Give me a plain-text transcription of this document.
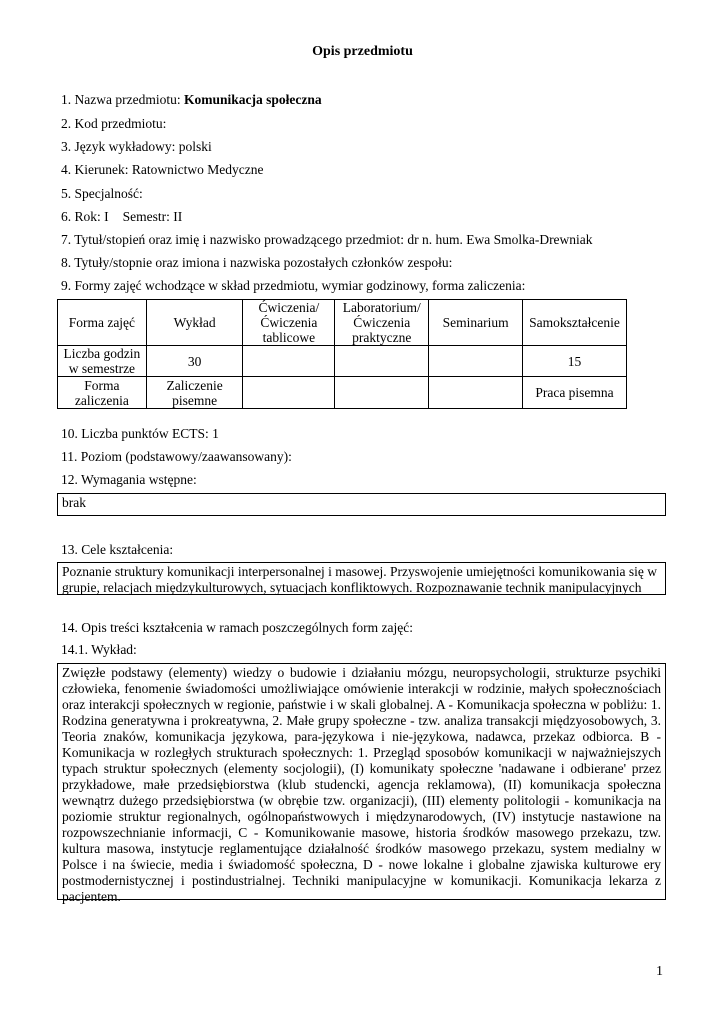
Opis przedmiotu
1. Nazwa przedmiotu: Komunikacja społeczna
2. Kod przedmiotu:
3. Język wykładowy: polski
4. Kierunek: Ratownictwo Medyczne
5. Specjalność:
6. Rok: I Semestr: II
7. Tytuł/stopień oraz imię i nazwisko prowadzącego przedmiot: dr n. hum. Ewa Smolka-Drewniak
8. Tytuły/stopnie oraz imiona i nazwiska pozostałych członków zespołu:
9. Formy zajęć wchodzące w skład przedmiotu, wymiar godzinowy, forma zaliczenia:
Forma zajęć	Wykład	Ćwiczenia/
Ćwiczenia
tablicowe	Laboratorium/
Ćwiczenia
praktyczne	Seminarium	Samokształcenie
Liczba godzin
w semestrze	30				15
Forma
zaliczenia	Zaliczenie
pisemne				Praca pisemna
10. Liczba punktów ECTS: 1
11. Poziom (podstawowy/zaawansowany):
12. Wymagania wstępne:
brak
13. Cele kształcenia:
Poznanie struktury komunikacji interpersonalnej i masowej. Przyswojenie umiejętności komunikowania się w grupie, relacjach międzykulturowych, sytuacjach konfliktowych. Rozpoznawanie technik manipulacyjnych
14. Opis treści kształcenia w ramach poszczególnych form zajęć:
14.1. Wykład:
Zwięzłe podstawy (elementy) wiedzy o budowie i działaniu mózgu, neuropsychologii, strukturze psychiki człowieka, fenomenie świadomości umożliwiające omówienie interakcji w rodzinie, małych społecznościach oraz interakcji społecznych w regionie, państwie i w skali globalnej. A - Komunikacja społeczna w pobliżu: 1. Rodzina generatywna i prokreatywna, 2. Małe grupy społeczne - tzw. analiza transakcji międzyosobowych, 3. Teoria znaków, komunikacja językowa, para-językowa i nie-językowa, nadawca, przekaz odbiorca. B - Komunikacja w rozległych strukturach społecznych: 1. Przegląd sposobów komunikacji w najważniejszych typach struktur społecznych (elementy socjologii), (I) komunikaty społeczne 'nadawane i odbierane' przez przykładowe, małe przedsiębiorstwa (klub studencki, agencja reklamowa), (II) komunikacja społeczna wewnątrz dużego przedsiębiorstwa (w obrębie tzw. organizacji), (III) elementy politologii - komunikacja na poziomie struktur regionalnych, ogólnopaństwowych i międzynarodowych, (IV) instytucje nastawione na rozpowszechnianie informacji, C - Komunikowanie masowe, historia środków masowego przekazu, tzw. kultura masowa, instytucje reglamentujące działalność środków masowego przekazu, system medialny w Polsce i na świecie, media i świadomość społeczna, D - nowe lokalne i globalne zjawiska kulturowe ery postmodernistycznej i postindustrialnej. Techniki manipulacyjne w komunikacji. Komunikacja lekarza z pacjentem.
1
